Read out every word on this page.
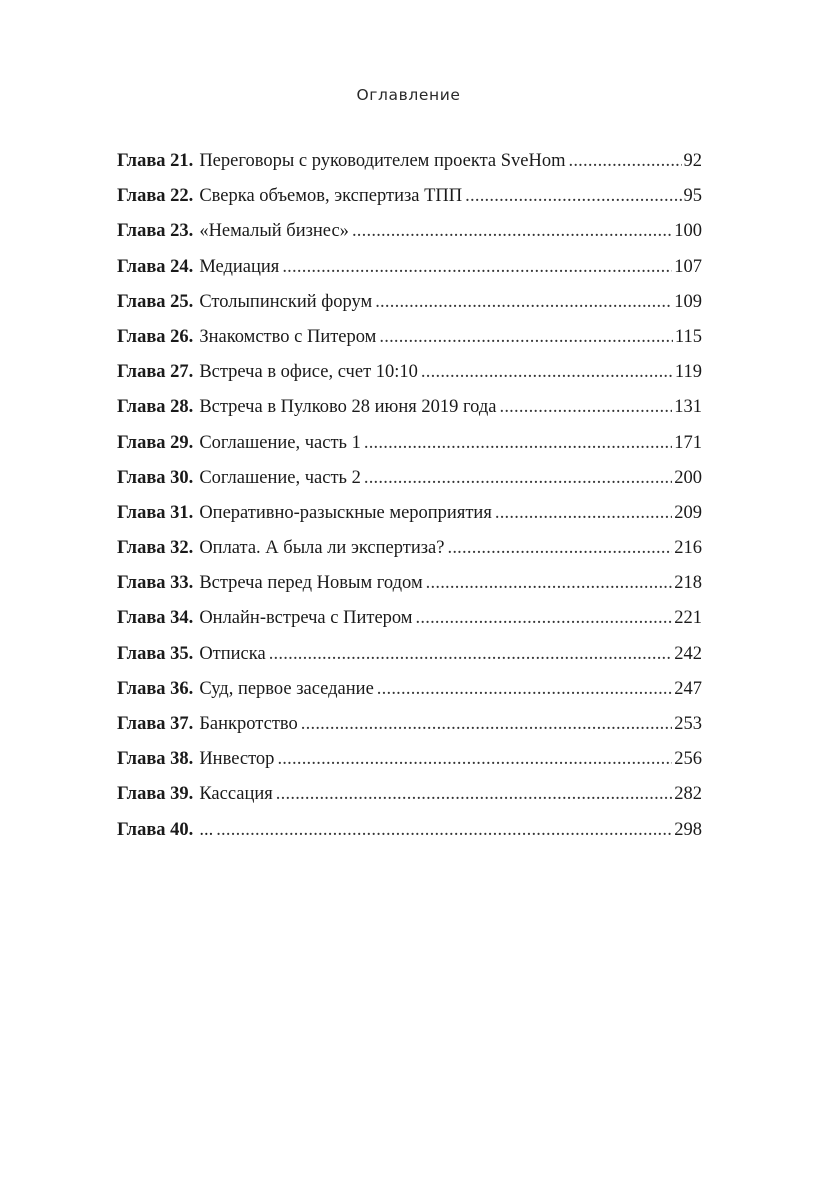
Оглавление
Глава 21. Переговоры с руководителем проекта SveHom . . .	92
Глава 22. Сверка объемов, экспертиза ТПП . . .	95
Глава 23. «Немалый бизнес» . . .	100
Глава 24. Медиация . . .	107
Глава 25. Столыпинский форум . . .	109
Глава 26. Знакомство с Питером . . .	115
Глава 27. Встреча в офисе, счет 10:10 . . .	119
Глава 28. Встреча в Пулково 28 июня 2019 года . . .	131
Глава 29. Соглашение, часть 1 . . .	171
Глава 30. Соглашение, часть 2 . . .	200
Глава 31. Оперативно-разыскные мероприятия . . .	209
Глава 32. Оплата. А была ли экспертиза? . . .	216
Глава 33. Встреча перед Новым годом . . .	218
Глава 34. Онлайн-встреча с Питером . . .	221
Глава 35. Отписка . . .	242
Глава 36. Суд, первое заседание . . .	247
Глава 37. Банкротство . . .	253
Глава 38. Инвестор . . .	256
Глава 39. Кассация . . .	282
Глава 40. ... . . .	298
